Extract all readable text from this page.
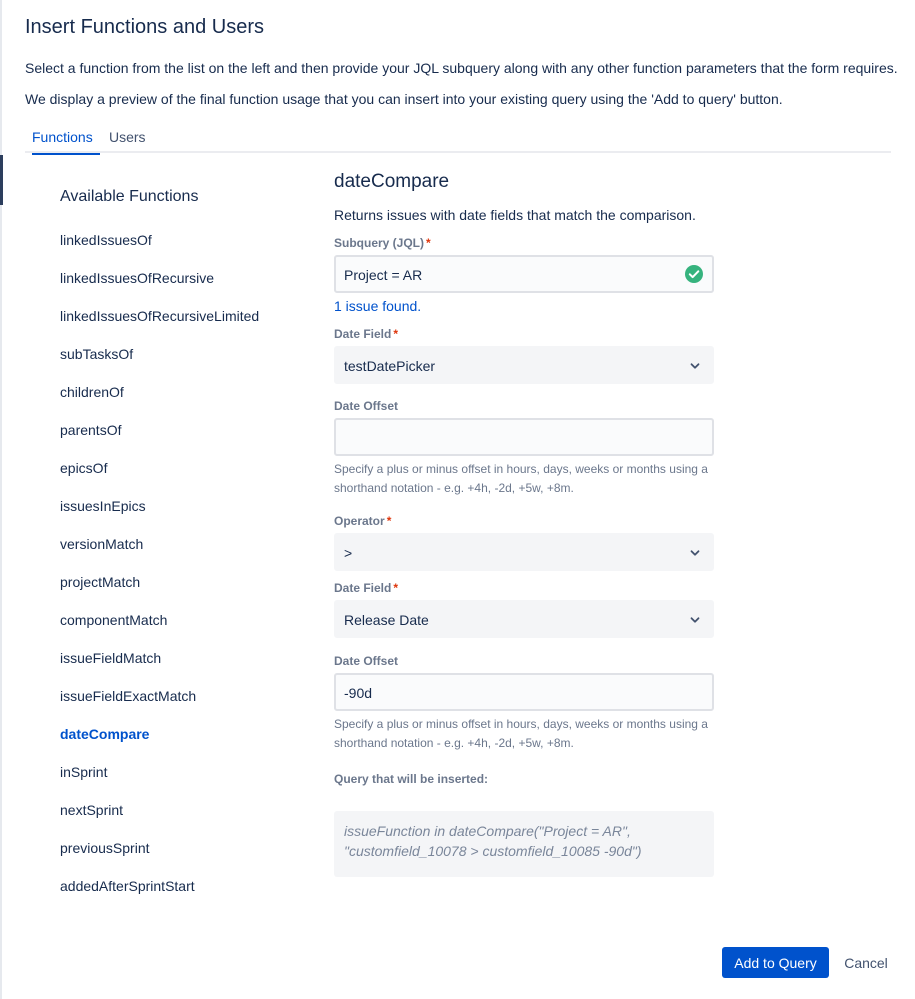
Insert Functions and Users
Select a function from the list on the left and then provide your JQL subquery along with any other function parameters that the form requires.
We display a preview of the final function usage that you can insert into your existing query using the 'Add to query' button.
Functions	Users
Available Functions
linkedIssuesOf
linkedIssuesOfRecursive
linkedIssuesOfRecursiveLimited
subTasksOf
childrenOf
parentsOf
epicsOf
issuesInEpics
versionMatch
projectMatch
componentMatch
issueFieldMatch
issueFieldExactMatch
dateCompare
inSprint
nextSprint
previousSprint
addedAfterSprintStart
dateCompare
Returns issues with date fields that match the comparison.
Subquery (JQL) *
Project = AR
1 issue found.
Date Field *
testDatePicker
Date Offset
Specify a plus or minus offset in hours, days, weeks or months using a shorthand notation - e.g. +4h, -2d, +5w, +8m.
Operator *
>
Date Field *
Release Date
Date Offset
-90d
Specify a plus or minus offset in hours, days, weeks or months using a shorthand notation - e.g. +4h, -2d, +5w, +8m.
Query that will be inserted:
issueFunction in dateCompare("Project = AR", "customfield_10078 > customfield_10085 -90d")
Add to Query	Cancel
